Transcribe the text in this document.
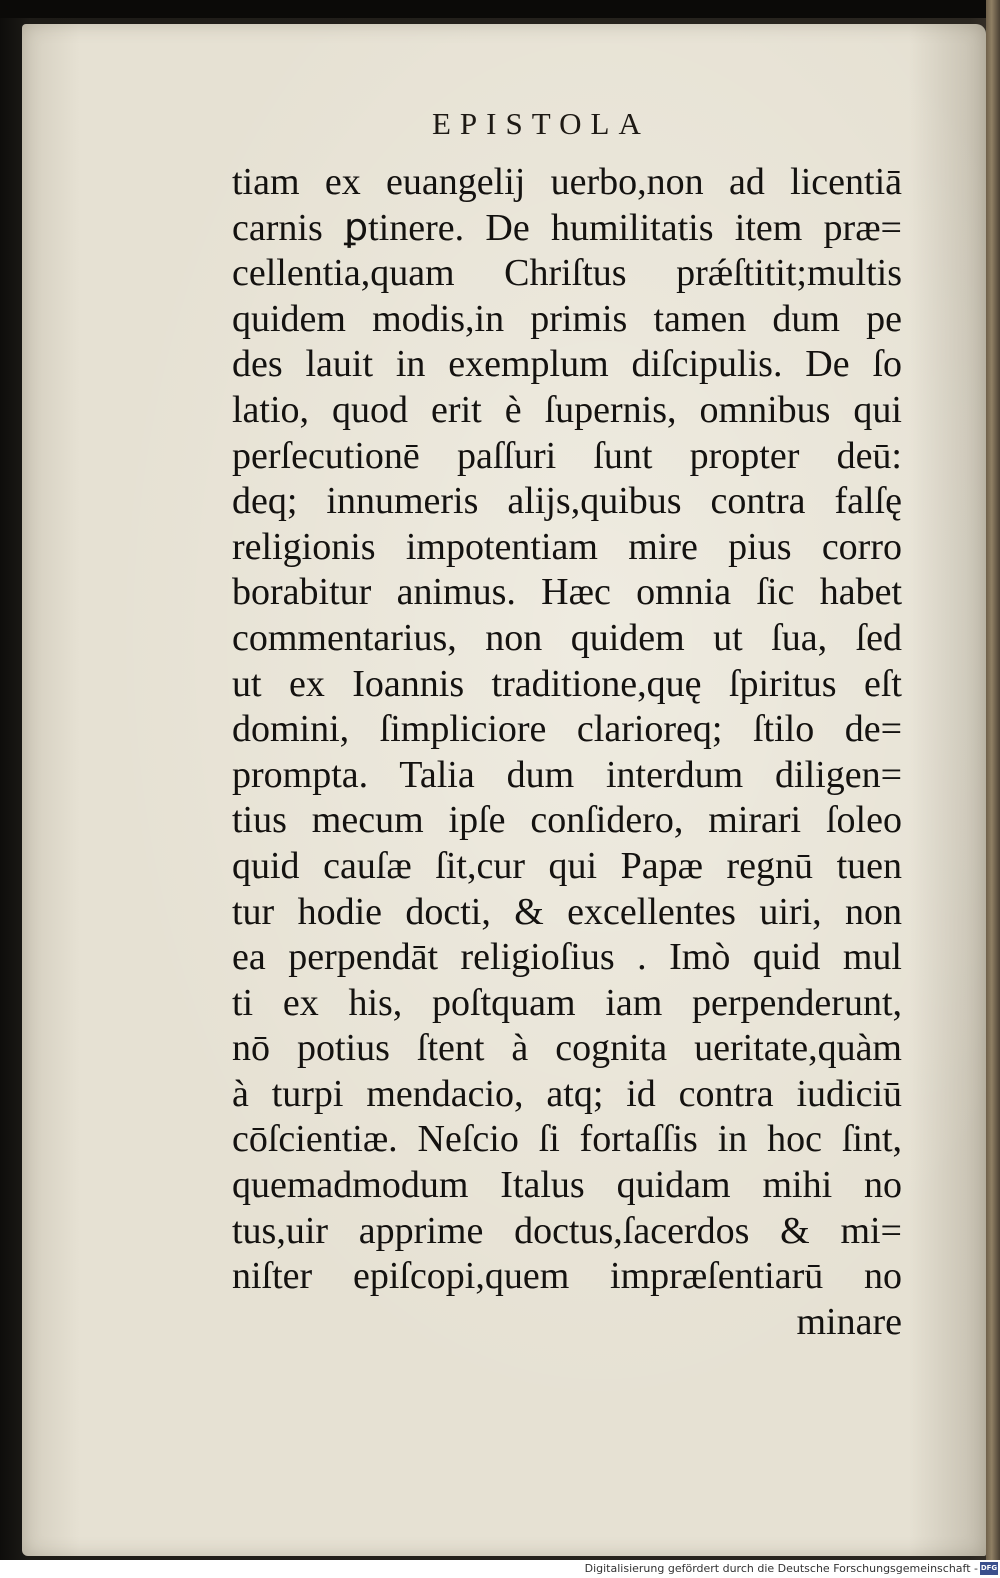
EPISTOLA
tiam ex euangelij uerbo,non ad licentiā
carnis ꝑtinere. De humilitatis item præ=
cellentia,quam Chriſtus prǽſtitit;multis
quidem modis,in primis tamen dum pe
des lauit in exemplum diſcipulis. De ſo
latio, quod erit è ſupernis, omnibus qui
perſecutionē paſſuri ſunt propter deū:
deq; innumeris alijs,quibus contra falſę
religionis impotentiam mire pius corro
borabitur animus. Hæc omnia ſic habet
commentarius, non quidem ut ſua, ſed
ut ex Ioannis traditione,quę ſpiritus eſt
domini, ſimpliciore clarioreq; ſtilo de=
prompta. Talia dum interdum diligen=
tius mecum ipſe conſidero, mirari ſoleo
quid cauſæ ſit,cur qui Papæ regnū tuen
tur hodie docti, & excellentes uiri, non
ea perpendāt religioſius . Imò quid mul
ti ex his, poſtquam iam perpenderunt,
nō potius ſtent à cognita ueritate,quàm
à turpi mendacio, atq; id contra iudiciū
cōſcientiæ. Neſcio ſi fortaſſis in hoc ſint,
quemadmodum Italus quidam mihi no
tus,uir apprime doctus,ſacerdos & mi=
niſter epiſcopi,quem impræſentiarū no
minare
Digitalisierung gefördert durch die Deutsche Forschungsgemeinschaft - DFG
